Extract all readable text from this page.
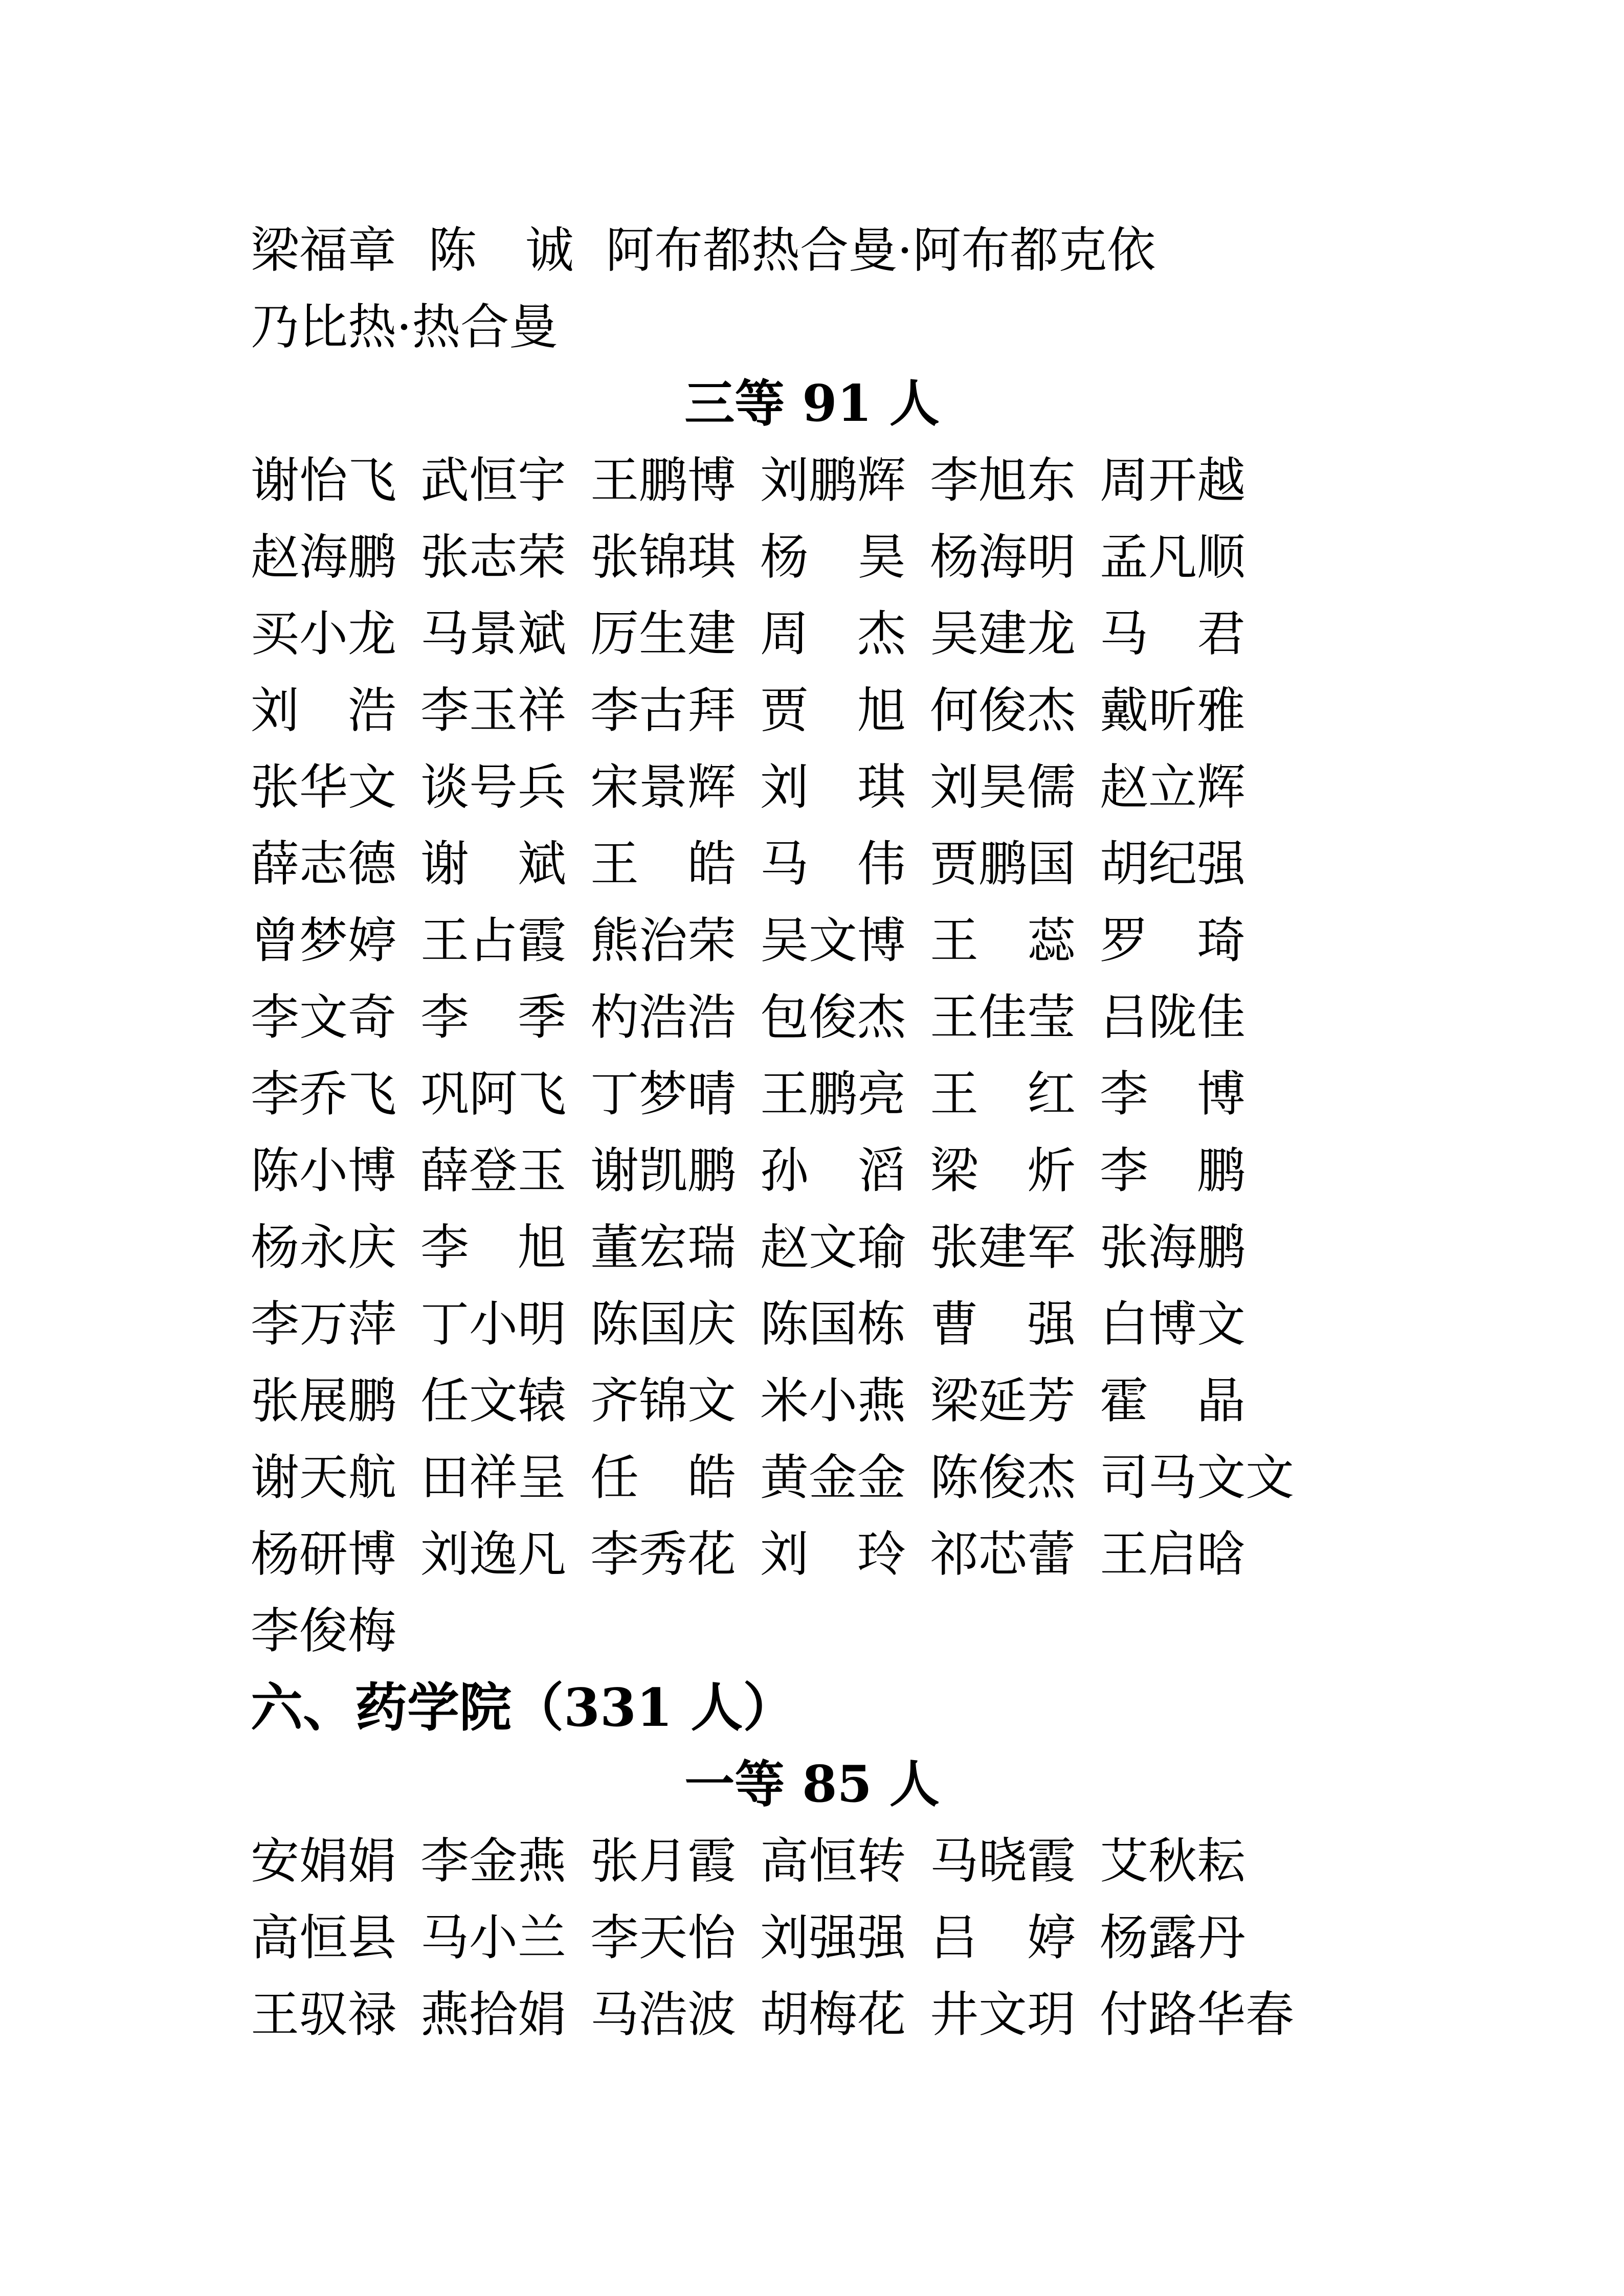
梁福章 陈　诚 阿布都热合曼·阿布都克依
乃比热·热合曼
三等 91 人
谢怡飞 武恒宇 王鹏博 刘鹏辉 李旭东 周开越
赵海鹏 张志荣 张锦琪 杨　昊 杨海明 孟凡顺
买小龙 马景斌 厉生建 周　杰 吴建龙 马　君
刘　浩 李玉祥 李古拜 贾　旭 何俊杰 戴昕雅
张华文 谈号兵 宋景辉 刘　琪 刘昊儒 赵立辉
薛志德 谢　斌 王　皓 马　伟 贾鹏国 胡纪强
曾梦婷 王占霞 熊治荣 吴文博 王　蕊 罗　琦
李文奇 李　季 杓浩浩 包俊杰 王佳莹 吕陇佳
李乔飞 巩阿飞 丁梦晴 王鹏亮 王　红 李　博
陈小博 薛登玉 谢凯鹏 孙　滔 梁　炘 李　鹏
杨永庆 李　旭 董宏瑞 赵文瑜 张建军 张海鹏
李万萍 丁小明 陈国庆 陈国栋 曹　强 白博文
张展鹏 任文辕 齐锦文 米小燕 梁延芳 霍　晶
谢天航 田祥呈 任　皓 黄金金 陈俊杰 司马文文
杨研博 刘逸凡 李秀花 刘　玲 祁芯蕾 王启晗
李俊梅
六、药学院（331 人）
一等 85 人
安娟娟 李金燕 张月霞 高恒转 马晓霞 艾秋耘
高恒县 马小兰 李天怡 刘强强 吕　婷 杨露丹
王驭禄 燕拾娟 马浩波 胡梅花 井文玥 付路华春
